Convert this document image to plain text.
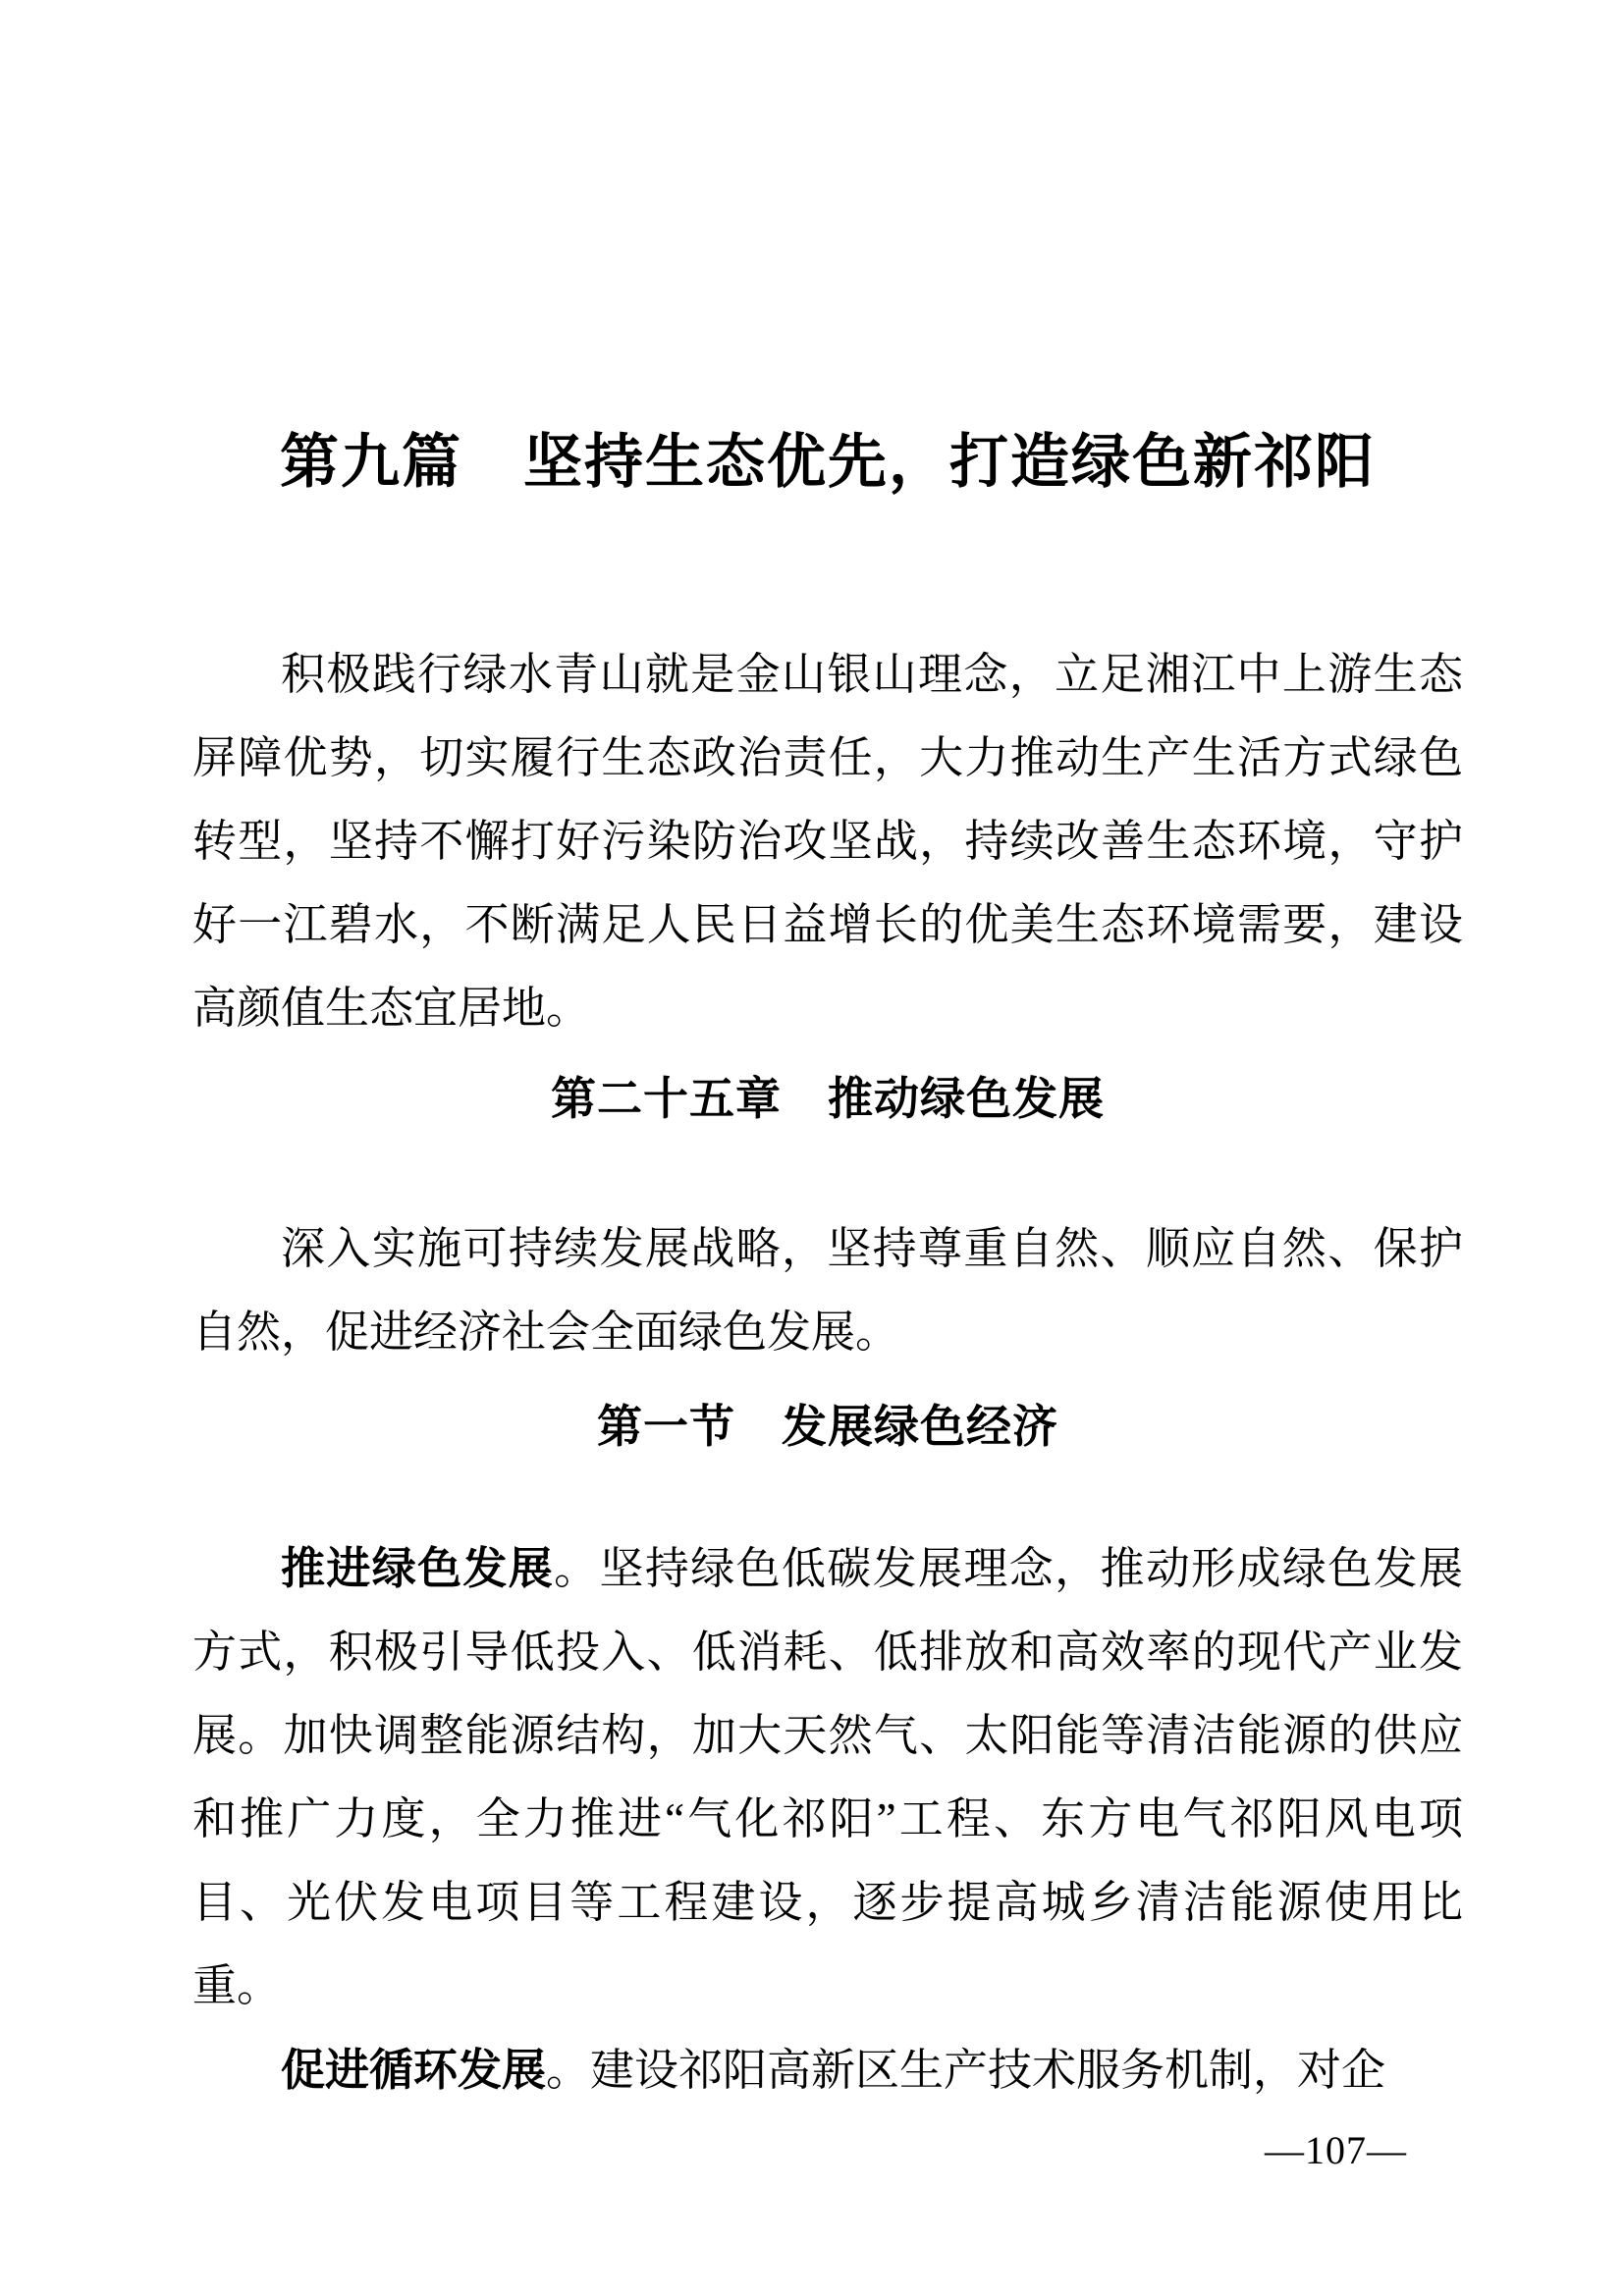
第九篇　坚持生态优先，打造绿色新祁阳

积极践行绿水青山就是金山银山理念，立足湘江中上游生态屏障优势，切实履行生态政治责任，大力推动生产生活方式绿色转型，坚持不懈打好污染防治攻坚战，持续改善生态环境，守护好一江碧水，不断满足人民日益增长的优美生态环境需要，建设高颜值生态宜居地。

第二十五章　推动绿色发展

深入实施可持续发展战略，坚持尊重自然、顺应自然、保护自然，促进经济社会全面绿色发展。

第一节　发展绿色经济

推进绿色发展。坚持绿色低碳发展理念，推动形成绿色发展方式，积极引导低投入、低消耗、低排放和高效率的现代产业发展。加快调整能源结构，加大天然气、太阳能等清洁能源的供应和推广力度，全力推进“气化祁阳”工程、东方电气祁阳风电项目、光伏发电项目等工程建设，逐步提高城乡清洁能源使用比重。

促进循环发展。建设祁阳高新区生产技术服务机制，对企

—107—
